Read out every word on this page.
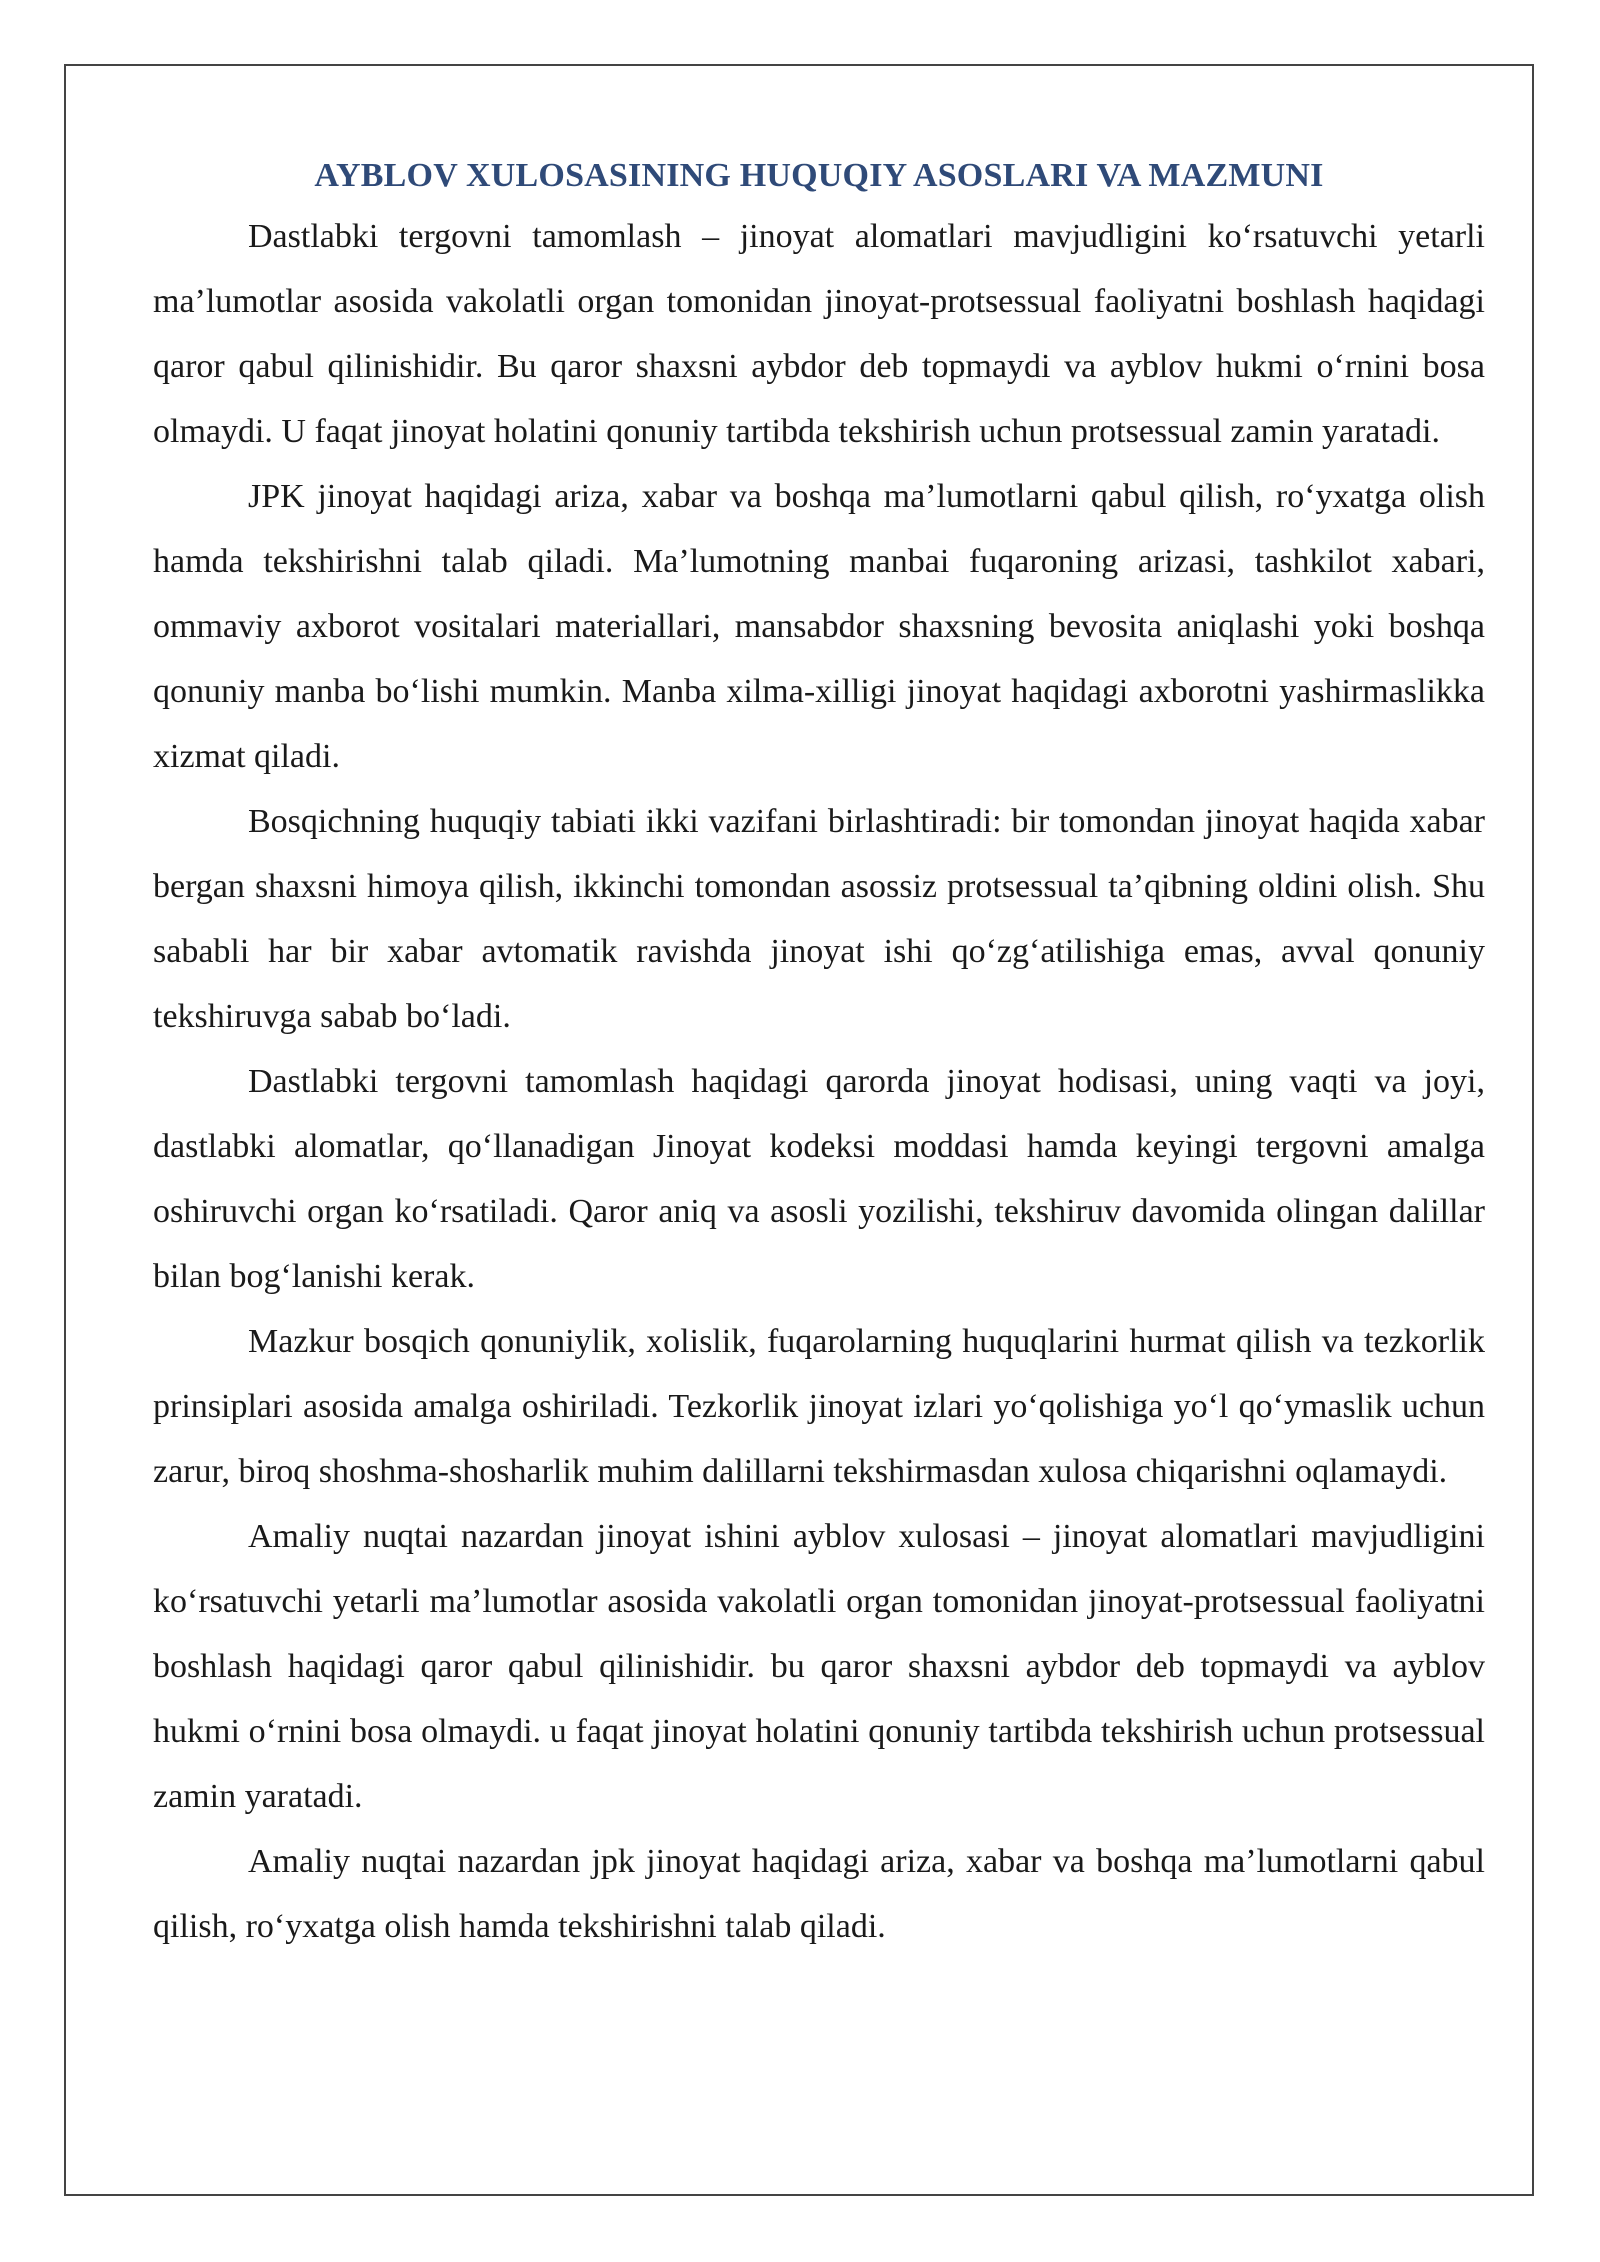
AYBLOV XULOSASINING HUQUQIY ASOSLARI VA MAZMUNI

Dastlabki tergovni tamomlash – jinoyat alomatlari mavjudligini ko‘rsatuvchi yetarli ma’lumotlar asosida vakolatli organ tomonidan jinoyat-protsessual faoliyatni boshlash haqidagi qaror qabul qilinishidir. Bu qaror shaxsni aybdor deb topmaydi va ayblov hukmi o‘rnini bosa olmaydi. U faqat jinoyat holatini qonuniy tartibda tekshirish uchun protsessual zamin yaratadi.

JPK jinoyat haqidagi ariza, xabar va boshqa ma’lumotlarni qabul qilish, ro‘yxatga olish hamda tekshirishni talab qiladi. Ma’lumotning manbai fuqaroning arizasi, tashkilot xabari, ommaviy axborot vositalari materiallari, mansabdor shaxsning bevosita aniqlashi yoki boshqa qonuniy manba bo‘lishi mumkin. Manba xilma-xilligi jinoyat haqidagi axborotni yashirmaslikka xizmat qiladi.

Bosqichning huquqiy tabiati ikki vazifani birlashtiradi: bir tomondan jinoyat haqida xabar bergan shaxsni himoya qilish, ikkinchi tomondan asossiz protsessual ta’qibning oldini olish. Shu sababli har bir xabar avtomatik ravishda jinoyat ishi qo‘zg‘atilishiga emas, avval qonuniy tekshiruvga sabab bo‘ladi.

Dastlabki tergovni tamomlash haqidagi qarorda jinoyat hodisasi, uning vaqti va joyi, dastlabki alomatlar, qo‘llanadigan Jinoyat kodeksi moddasi hamda keyingi tergovni amalga oshiruvchi organ ko‘rsatiladi. Qaror aniq va asosli yozilishi, tekshiruv davomida olingan dalillar bilan bog‘lanishi kerak.

Mazkur bosqich qonuniylik, xolislik, fuqarolarning huquqlarini hurmat qilish va tezkorlik prinsiplari asosida amalga oshiriladi. Tezkorlik jinoyat izlari yo‘qolishiga yo‘l qo‘ymaslik uchun zarur, biroq shoshma-shosharlik muhim dalillarni tekshirmasdan xulosa chiqarishni oqlamaydi.

Amaliy nuqtai nazardan jinoyat ishini ayblov xulosasi – jinoyat alomatlari mavjudligini ko‘rsatuvchi yetarli ma’lumotlar asosida vakolatli organ tomonidan jinoyat-protsessual faoliyatni boshlash haqidagi qaror qabul qilinishidir. bu qaror shaxsni aybdor deb topmaydi va ayblov hukmi o‘rnini bosa olmaydi. u faqat jinoyat holatini qonuniy tartibda tekshirish uchun protsessual zamin yaratadi.

Amaliy nuqtai nazardan jpk jinoyat haqidagi ariza, xabar va boshqa ma’lumotlarni qabul qilish, ro‘yxatga olish hamda tekshirishni talab qiladi.
